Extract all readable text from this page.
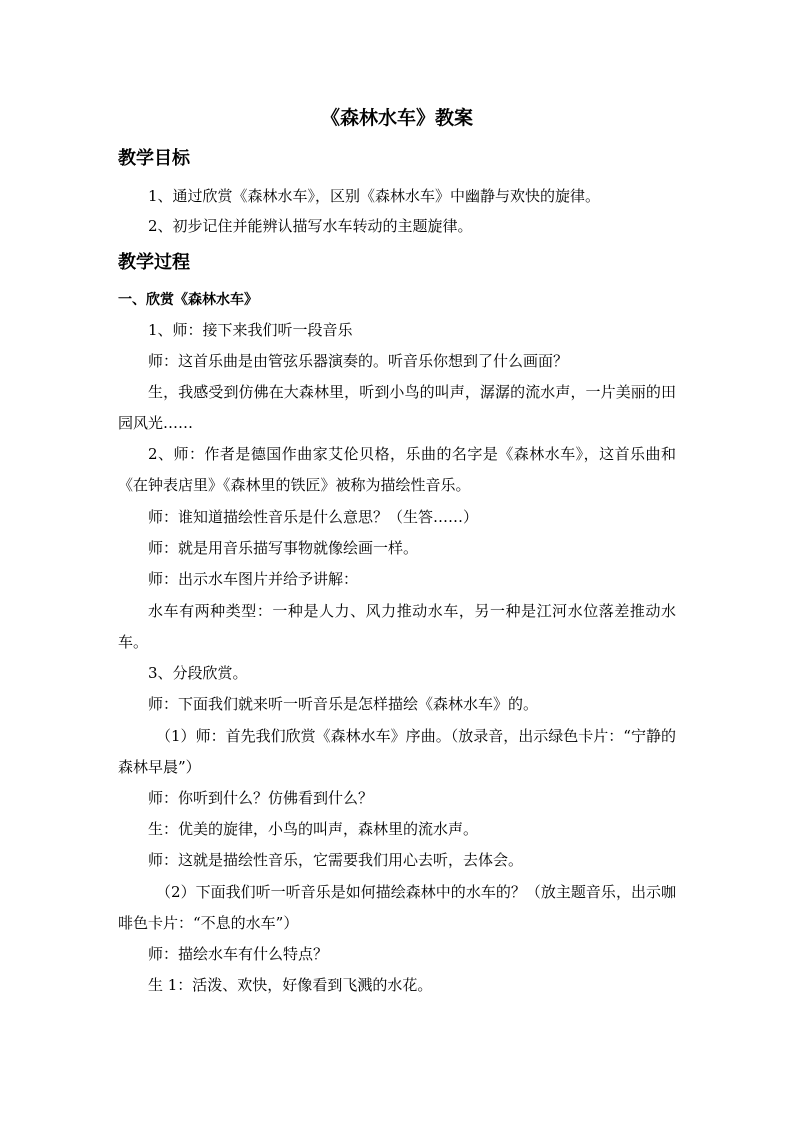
《森林水车》教案
教学目标
1、通过欣赏《森林水车》，区别《森林水车》中幽静与欢快的旋律。
2、初步记住并能辨认描写水车转动的主题旋律。
教学过程
一、欣赏《森林水车》
1、师：接下来我们听一段音乐
师：这首乐曲是由管弦乐器演奏的。听音乐你想到了什么画面？
生，我感受到仿佛在大森林里，听到小鸟的叫声，潺潺的流水声，一片美丽的田园风光……
2、师：作者是德国作曲家艾伦贝格，乐曲的名字是《森林水车》，这首乐曲和《在钟表店里》《森林里的铁匠》被称为描绘性音乐。
师：谁知道描绘性音乐是什么意思？（生答……）
师：就是用音乐描写事物就像绘画一样。
师：出示水车图片并给予讲解：
水车有两种类型：一种是人力、风力推动水车，另一种是江河水位落差推动水车。
3、分段欣赏。
师：下面我们就来听一听音乐是怎样描绘《森林水车》的。
（1）师：首先我们欣赏《森林水车》序曲。（放录音，出示绿色卡片：“宁静的森林早晨”）
师：你听到什么？仿佛看到什么？
生：优美的旋律，小鸟的叫声，森林里的流水声。
师：这就是描绘性音乐，它需要我们用心去听，去体会。
（2）下面我们听一听音乐是如何描绘森林中的水车的？（放主题音乐，出示咖啡色卡片：“不息的水车”）
师：描绘水车有什么特点？
生 1：活泼、欢快，好像看到飞溅的水花。
